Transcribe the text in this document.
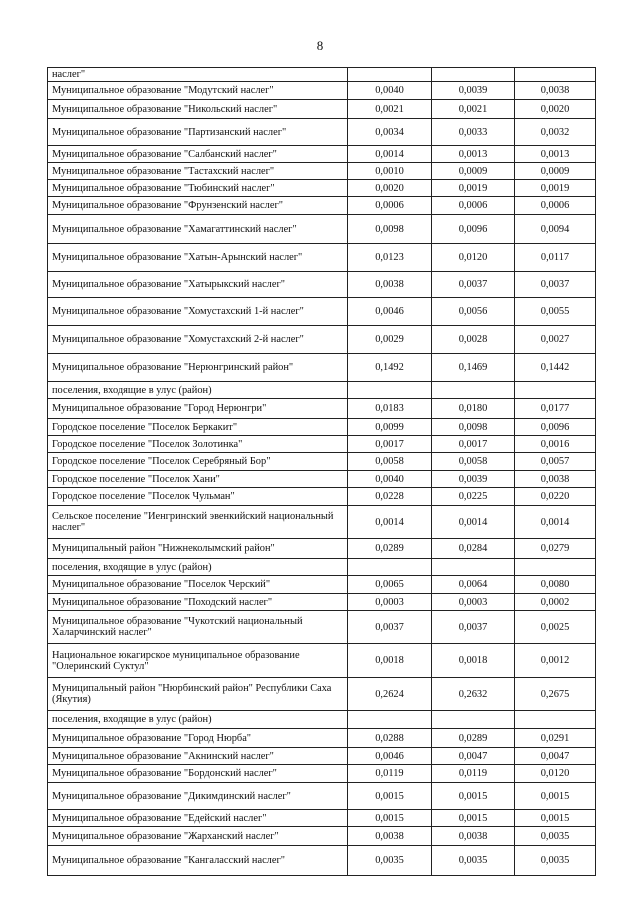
8
наслег"			
Муниципальное образование "Модутский наслег"	0,0040	0,0039	0,0038
Муниципальное образование "Никольский наслег"	0,0021	0,0021	0,0020
Муниципальное образование "Партизанский наслег"	0,0034	0,0033	0,0032
Муниципальное образование "Салбанский наслег"	0,0014	0,0013	0,0013
Муниципальное образование "Тастахский наслег"	0,0010	0,0009	0,0009
Муниципальное образование "Тюбинский наслег"	0,0020	0,0019	0,0019
Муниципальное образование "Фрунзенский наслег"	0,0006	0,0006	0,0006
Муниципальное образование "Хамагаттинский наслег"	0,0098	0,0096	0,0094
Муниципальное образование "Хатын-Арынский наслег"	0,0123	0,0120	0,0117
Муниципальное образование "Хатырыкский наслег"	0,0038	0,0037	0,0037
Муниципальное образование "Хомустахский 1-й наслег"	0,0046	0,0056	0,0055
Муниципальное образование "Хомустахский 2-й наслег"	0,0029	0,0028	0,0027
Муниципальное образование "Нерюнгринский район"	0,1492	0,1469	0,1442
поселения, входящие в улус (район)			
Муниципальное образование "Город Нерюнгри"	0,0183	0,0180	0,0177
Городское поселение "Поселок Беркакит"	0,0099	0,0098	0,0096
Городское поселение "Поселок Золотинка"	0,0017	0,0017	0,0016
Городское поселение "Поселок Серебряный Бор"	0,0058	0,0058	0,0057
Городское поселение "Поселок Хани"	0,0040	0,0039	0,0038
Городское поселение "Поселок Чульман"	0,0228	0,0225	0,0220
Сельское поселение "Иенгринский эвенкийский национальный наслег"	0,0014	0,0014	0,0014
Муниципальный район "Нижнеколымский район"	0,0289	0,0284	0,0279
поселения, входящие в улус (район)			
Муниципальное образование "Поселок Черский"	0,0065	0,0064	0,0080
Муниципальное образование "Походский наслег"	0,0003	0,0003	0,0002
Муниципальное образование "Чукотский национальный Халарчинский наслег"	0,0037	0,0037	0,0025
Национальное юкагирское муниципальное образование "Олеринский Суктул"	0,0018	0,0018	0,0012
Муниципальный район "Нюрбинский район" Республики Саха (Якутия)	0,2624	0,2632	0,2675
поселения, входящие в улус (район)			
Муниципальное образование "Город Нюрба"	0,0288	0,0289	0,0291
Муниципальное образование "Акнинский наслег"	0,0046	0,0047	0,0047
Муниципальное образование "Бордонский наслег"	0,0119	0,0119	0,0120
Муниципальное образование "Дикимдинский наслег"	0,0015	0,0015	0,0015
Муниципальное образование "Едейский наслег"	0,0015	0,0015	0,0015
Муниципальное образование "Жарханский наслег"	0,0038	0,0038	0,0035
Муниципальное образование "Кангаласский наслег"	0,0035	0,0035	0,0035
